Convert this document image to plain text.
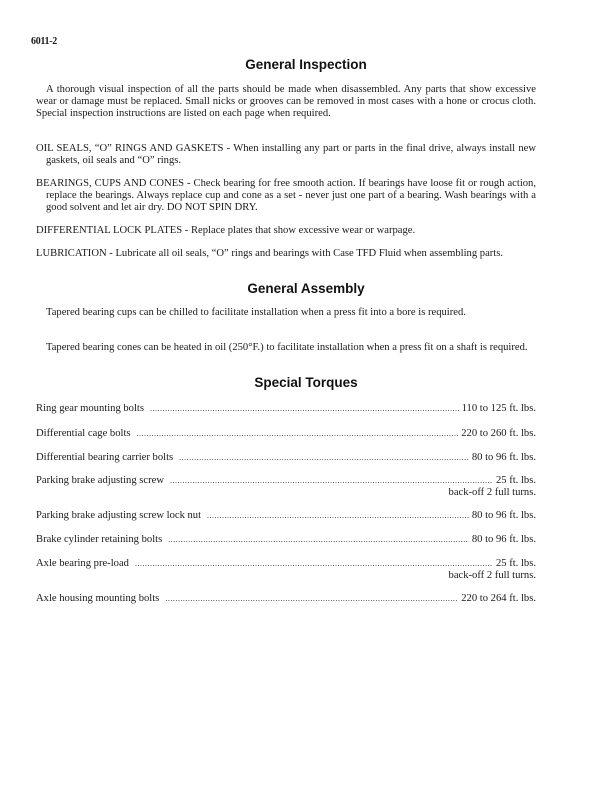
6011-2
General Inspection
A thorough visual inspection of all the parts should be made when disassembled. Any parts that show excessive wear or damage must be replaced. Small nicks or grooves can be removed in most cases with a hone or crocus cloth. Special inspection instructions are listed on each page when required.
OIL SEALS, “O” RINGS AND GASKETS - When installing any part or parts in the final drive, always install new gaskets, oil seals and “O” rings.
BEARINGS, CUPS AND CONES - Check bearing for free smooth action. If bearings have loose fit or rough action, replace the bearings. Always replace cup and cone as a set - never just one part of a bearing. Wash bearings with a good solvent and let air dry. DO NOT SPIN DRY.
DIFFERENTIAL LOCK PLATES - Replace plates that show excessive wear or warpage.
LUBRICATION - Lubricate all oil seals, “O” rings and bearings with Case TFD Fluid when assembling parts.
General Assembly
Tapered bearing cups can be chilled to facilitate installation when a press fit into a bore is required.
Tapered bearing cones can be heated in oil (250°F.) to facilitate installation when a press fit on a shaft is required.
Special Torques
Ring gear mounting bolts .....	110 to 125 ft. lbs.
Differential cage bolts .....	220 to 260 ft. lbs.
Differential bearing carrier bolts .....	80 to 96 ft. lbs.
Parking brake adjusting screw .....	25 ft. lbs.
back-off 2 full turns.
Parking brake adjusting screw lock nut .....	80 to 96 ft. lbs.
Brake cylinder retaining bolts .....	80 to 96 ft. lbs.
Axle bearing pre-load .....	25 ft. lbs.
back-off 2 full turns.
Axle housing mounting bolts .....	220 to 264 ft. lbs.
